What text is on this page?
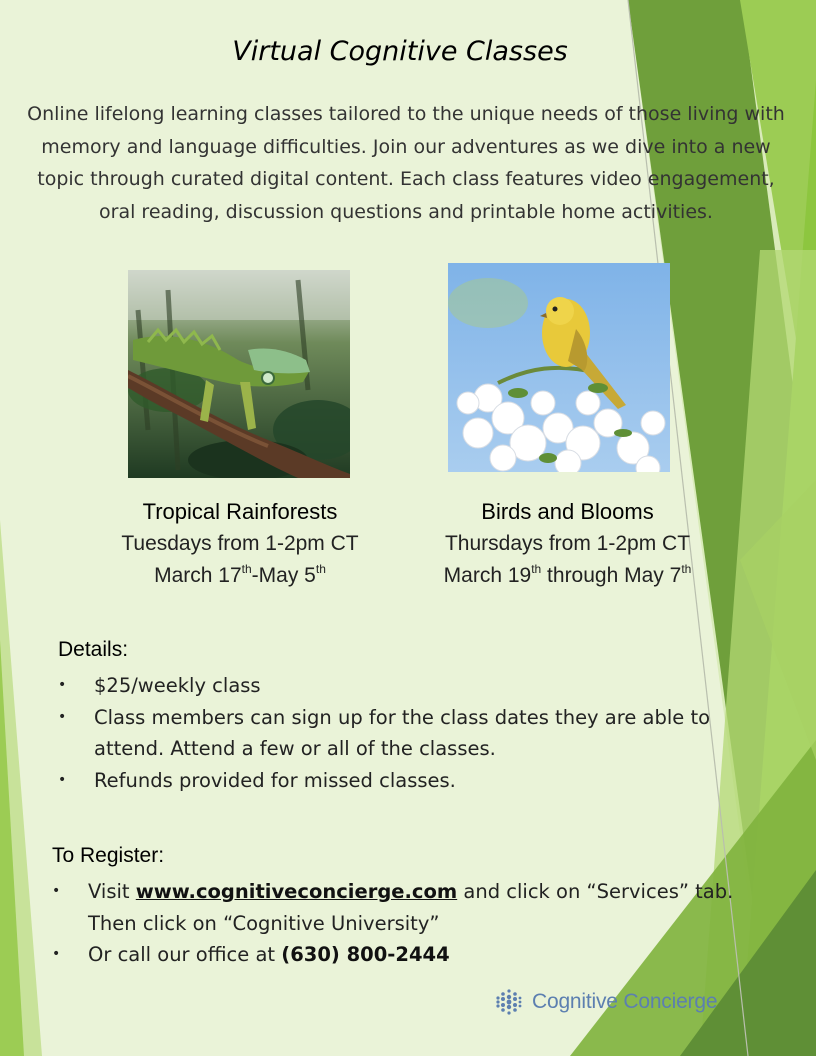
Virtual Cognitive Classes
Online lifelong learning classes tailored to the unique needs of those living with memory and language difficulties. Join our adventures as we dive into a new topic through curated digital content. Each class features video engagement, oral reading, discussion questions and printable home activities.
Tropical Rainforests
Tuesdays from 1-2pm CT
March 17th-May 5th
Birds and Blooms
Thursdays from 1-2pm CT
March 19th through May 7th
Details:
• $25/weekly class
• Class members can sign up for the class dates they are able to attend. Attend a few or all of the classes.
• Refunds provided for missed classes.
To Register:
• Visit www.cognitiveconcierge.com and click on “Services” tab. Then click on “Cognitive University”
• Or call our office at (630) 800-2444
Cognitive Concierge
